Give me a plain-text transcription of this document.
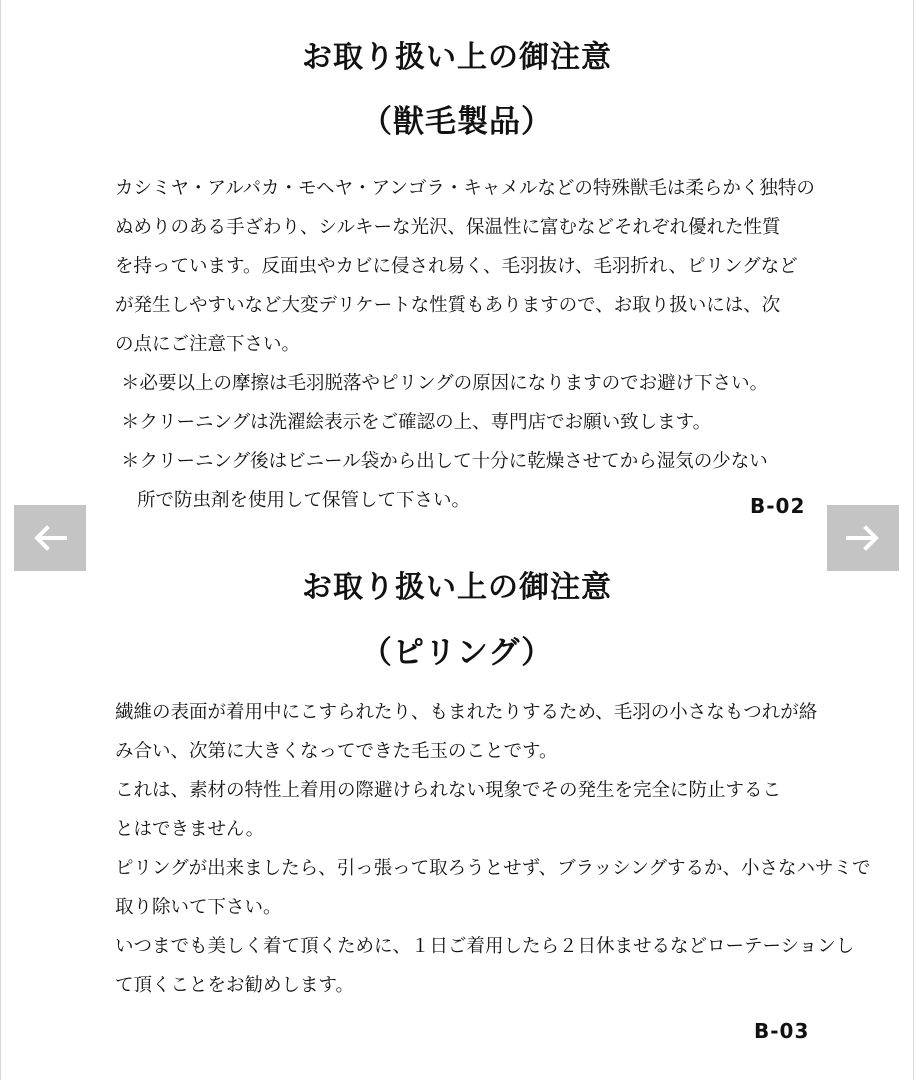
お取り扱い上の御注意
（獣毛製品）
カシミヤ・アルパカ・モヘヤ・アンゴラ・キャメルなどの特殊獣毛は柔らかく独特の
ぬめりのある手ざわり、シルキーな光沢、保温性に富むなどそれぞれ優れた性質
を持っています。反面虫やカビに侵され易く、毛羽抜け、毛羽折れ、ピリングなど
が発生しやすいなど大変デリケートな性質もありますので、お取り扱いには、次
の点にご注意下さい。
＊必要以上の摩擦は毛羽脱落やピリングの原因になりますのでお避け下さい。
＊クリーニングは洗濯絵表示をご確認の上、専門店でお願い致します。
＊クリーニング後はビニール袋から出して十分に乾燥させてから湿気の少ない
所で防虫剤を使用して保管して下さい。	B-02
お取り扱い上の御注意
（ピリング）
繊維の表面が着用中にこすられたり、もまれたりするため、毛羽の小さなもつれが絡
み合い、次第に大きくなってできた毛玉のことです。
これは、素材の特性上着用の際避けられない現象でその発生を完全に防止するこ
とはできません。
ピリングが出来ましたら、引っ張って取ろうとせず、ブラッシングするか、小さなハサミで
取り除いて下さい。
いつまでも美しく着て頂くために、１日ご着用したら２日休ませるなどローテーションし
て頂くことをお勧めします。
B-03
